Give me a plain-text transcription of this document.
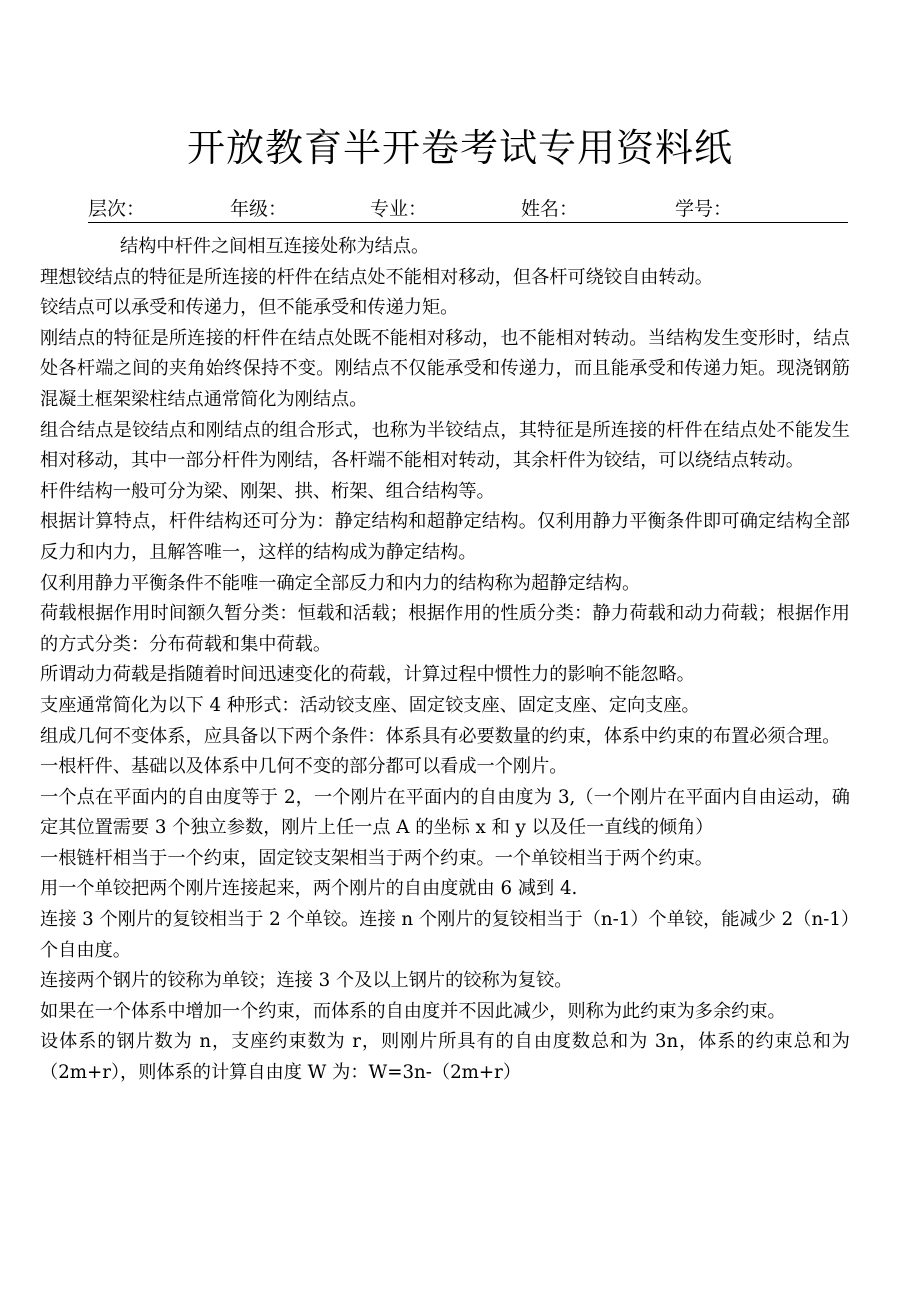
开放教育半开卷考试专用资料纸
层次：	年级：	专业：	姓名：	学号：

结构中杆件之间相互连接处称为结点。

理想铰结点的特征是所连接的杆件在结点处不能相对移动，但各杆可绕铰自由转动。

铰结点可以承受和传递力，但不能承受和传递力矩。

刚结点的特征是所连接的杆件在结点处既不能相对移动，也不能相对转动。当结构发生变形时，结点处各杆端之间的夹角始终保持不变。刚结点不仅能承受和传递力，而且能承受和传递力矩。现浇钢筋混凝土框架梁柱结点通常简化为刚结点。

组合结点是铰结点和刚结点的组合形式，也称为半铰结点，其特征是所连接的杆件在结点处不能发生相对移动，其中一部分杆件为刚结，各杆端不能相对转动，其余杆件为铰结，可以绕结点转动。

杆件结构一般可分为梁、刚架、拱、桁架、组合结构等。

根据计算特点，杆件结构还可分为：静定结构和超静定结构。仅利用静力平衡条件即可确定结构全部反力和内力，且解答唯一，这样的结构成为静定结构。

仅利用静力平衡条件不能唯一确定全部反力和内力的结构称为超静定结构。

荷载根据作用时间额久暂分类：恒载和活载；根据作用的性质分类：静力荷载和动力荷载；根据作用的方式分类：分布荷载和集中荷载。

所谓动力荷载是指随着时间迅速变化的荷载，计算过程中惯性力的影响不能忽略。

支座通常简化为以下 4 种形式：活动铰支座、固定铰支座、固定支座、定向支座。

组成几何不变体系，应具备以下两个条件：体系具有必要数量的约束，体系中约束的布置必须合理。

一根杆件、基础以及体系中几何不变的部分都可以看成一个刚片。

一个点在平面内的自由度等于 2，一个刚片在平面内的自由度为 3,（一个刚片在平面内自由运动，确定其位置需要 3 个独立参数，刚片上任一点 A 的坐标 x 和 y 以及任一直线的倾角）

一根链杆相当于一个约束，固定铰支架相当于两个约束。一个单铰相当于两个约束。

用一个单铰把两个刚片连接起来，两个刚片的自由度就由 6 减到 4.

连接 3 个刚片的复铰相当于 2 个单铰。连接 n 个刚片的复铰相当于（n-1）个单铰，能减少 2（n-1）个自由度。

连接两个钢片的铰称为单铰；连接 3 个及以上钢片的铰称为复铰。

如果在一个体系中增加一个约束，而体系的自由度并不因此减少，则称为此约束为多余约束。

设体系的钢片数为 n，支座约束数为 r，则刚片所具有的自由度数总和为 3n，体系的约束总和为（2m+r），则体系的计算自由度 W 为：W=3n-（2m+r）
